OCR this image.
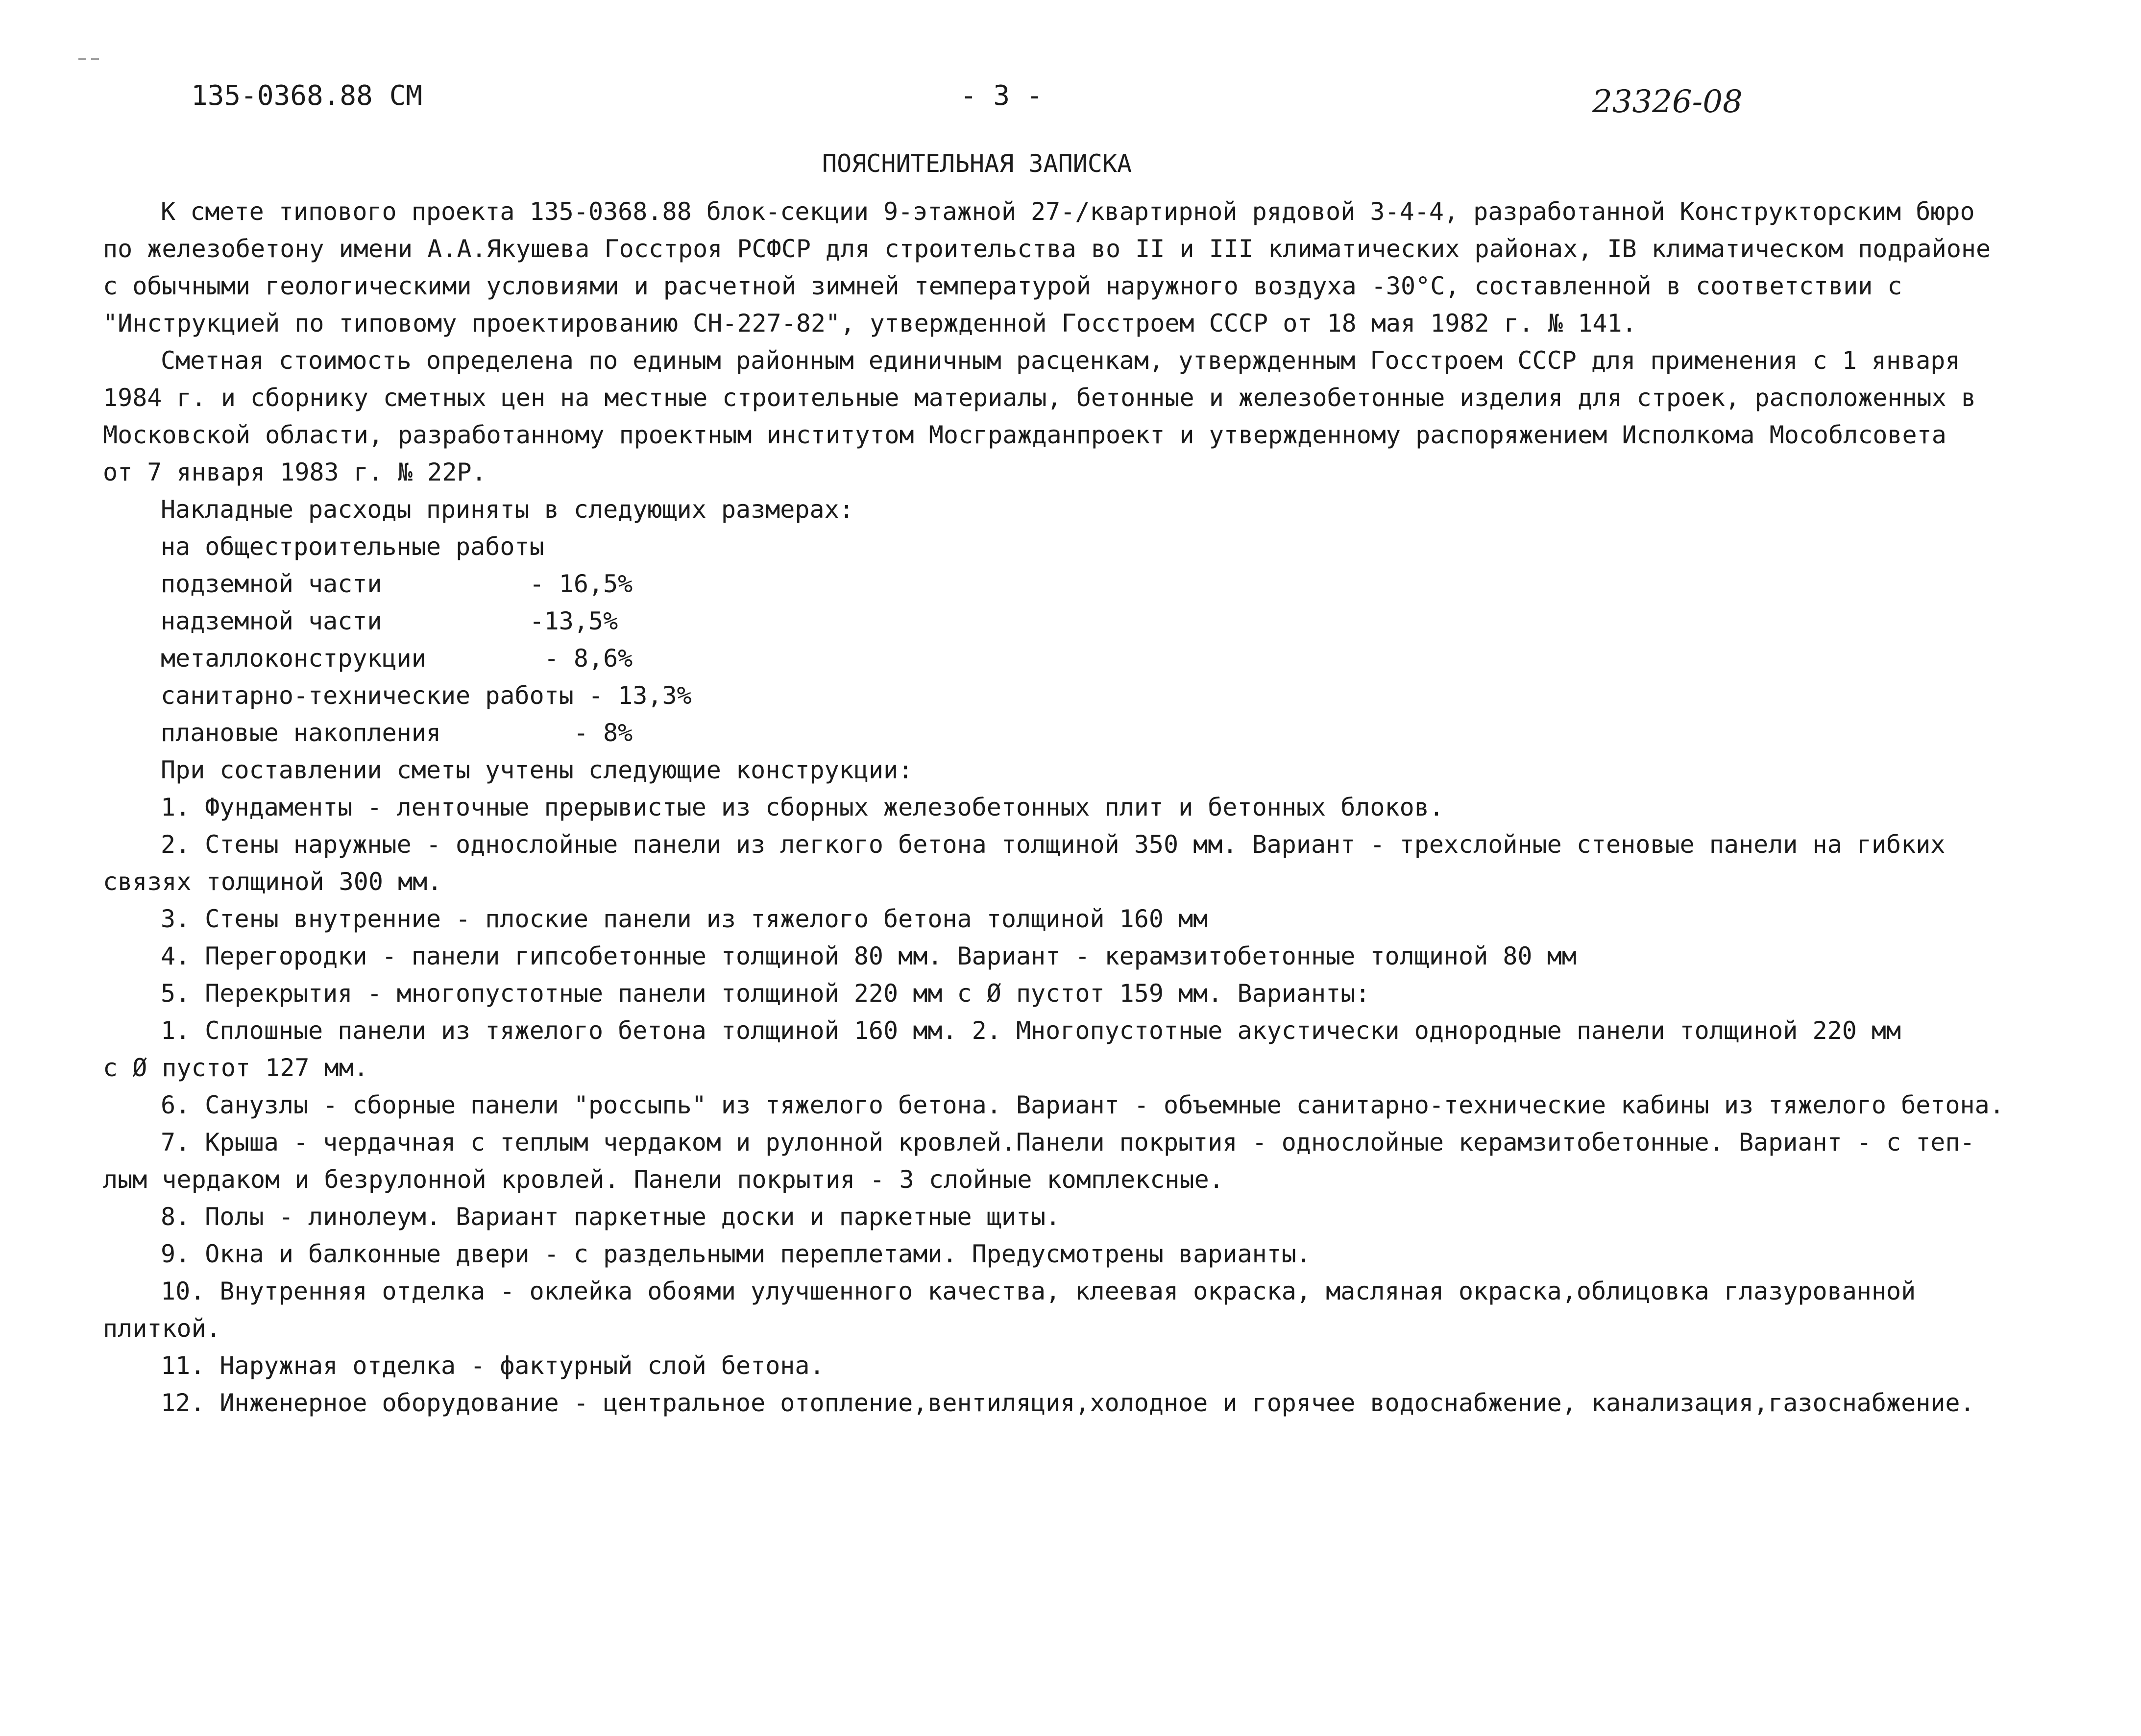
135-0368.88 СМ	- 3 -	23326-08
ПОЯСНИТЕЛЬНАЯ ЗАПИСКА
К смете типового проекта 135-0368.88 блок-секции 9-этажной 27-/квартирной рядовой 3-4-4, разработанной Конструкторским бюро
по железобетону имени А.А.Якушева Госстроя РСФСР для строительства во II и III климатических районах, IB климатическом подрайоне
с обычными геологическими условиями и расчетной зимней температурой наружного воздуха -30°С, составленной в соответствии с
"Инструкцией по типовому проектированию СН-227-82", утвержденной Госстроем СССР от 18 мая 1982 г. № 141.
Сметная стоимость определена по единым районным единичным расценкам, утвержденным Госстроем СССР для применения с 1 января
1984 г. и сборнику сметных цен на местные строительные материалы, бетонные и железобетонные изделия для строек, расположенных в
Московской области, разработанному проектным институтом Мосгражданпроект и утвержденному распоряжением Исполкома Мособлсовета
от 7 января 1983 г. № 22Р.
Накладные расходы приняты в следующих размерах:
на общестроительные работы
подземной части          - 16,5%
надземной части          -13,5%
металлоконструкции        - 8,6%
санитарно-технические работы - 13,3%
плановые накопления         - 8%
При составлении сметы учтены следующие конструкции:
1. Фундаменты - ленточные прерывистые из сборных железобетонных плит и бетонных блоков.
2. Стены наружные - однослойные панели из легкого бетона толщиной 350 мм. Вариант - трехслойные стеновые панели на гибких
связях толщиной 300 мм.
3. Стены внутренние - плоские панели из тяжелого бетона толщиной 160 мм
4. Перегородки - панели гипсобетонные толщиной 80 мм. Вариант - керамзитобетонные толщиной 80 мм
5. Перекрытия - многопустотные панели толщиной 220 мм с Ø пустот 159 мм. Варианты:
1. Сплошные панели из тяжелого бетона толщиной 160 мм. 2. Многопустотные акустически однородные панели толщиной 220 мм
с Ø пустот 127 мм.
6. Санузлы - сборные панели "россыпь" из тяжелого бетона. Вариант - объемные санитарно-технические кабины из тяжелого бетона.
7. Крыша - чердачная с теплым чердаком и рулонной кровлей.Панели покрытия - однослойные керамзитобетонные. Вариант - с теп-
лым чердаком и безрулонной кровлей. Панели покрытия - 3 слойные комплексные.
8. Полы - линолеум. Вариант паркетные доски и паркетные щиты.
9. Окна и балконные двери - с раздельными переплетами. Предусмотрены варианты.
10. Внутренняя отделка - оклейка обоями улучшенного качества, клеевая окраска, масляная окраска,облицовка глазурованной
плиткой.
11. Наружная отделка - фактурный слой бетона.
12. Инженерное оборудование - центральное отопление,вентиляция,холодное и горячее водоснабжение, канализация,газоснабжение.
